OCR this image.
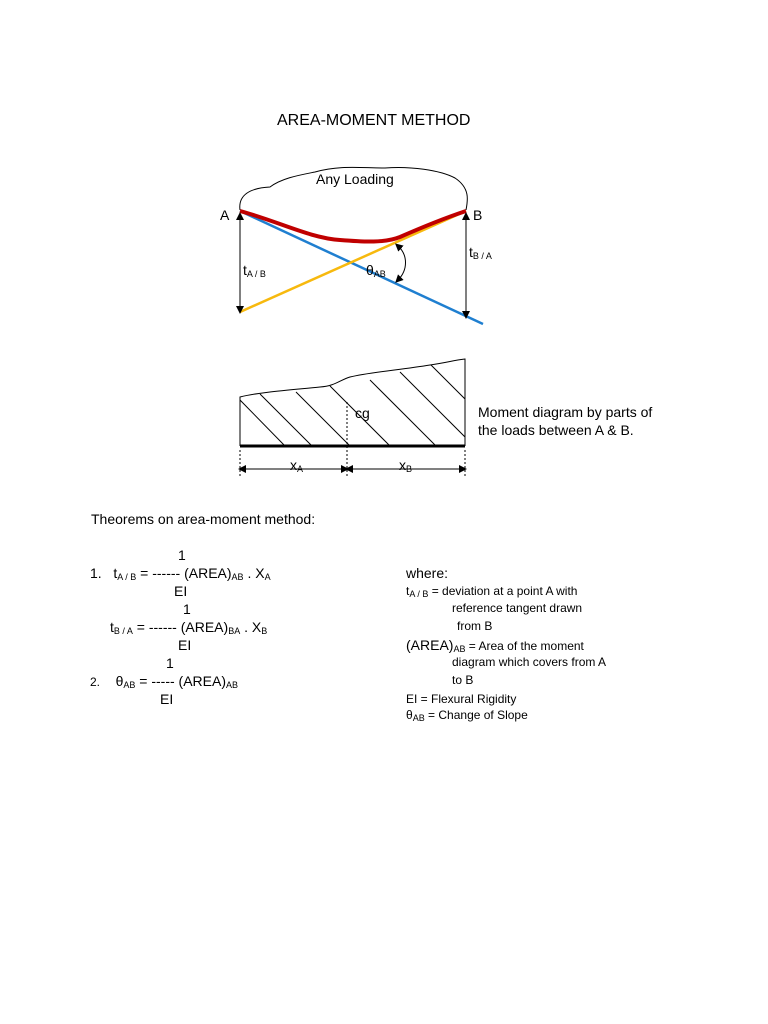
AREA-MOMENT METHOD
Any Loading
A	B
$t_{A / B}$
$t_{B / A}$
$\theta_{AB}$
cg
$x_A$	$x_B$
Moment diagram by parts of
the loads between A & B.
Theorems on area-moment method:
1
1. $t_{A / B}$ = ------ $(AREA)_{AB}$ . $X_A$
EI
1
$t_{B / A}$ = ------ $(AREA)_{BA}$ . $X_B$
EI
1
2. $\theta_{AB}$ = ----- $(AREA)_{AB}$
EI
where:
$t_{A / B}$ = deviation at a point A with
reference tangent drawn
from B
$(AREA)_{AB}$ = Area of the moment
diagram which covers from A
to B
EI = Flexural Rigidity
$\theta_{AB}$ = Change of Slope
